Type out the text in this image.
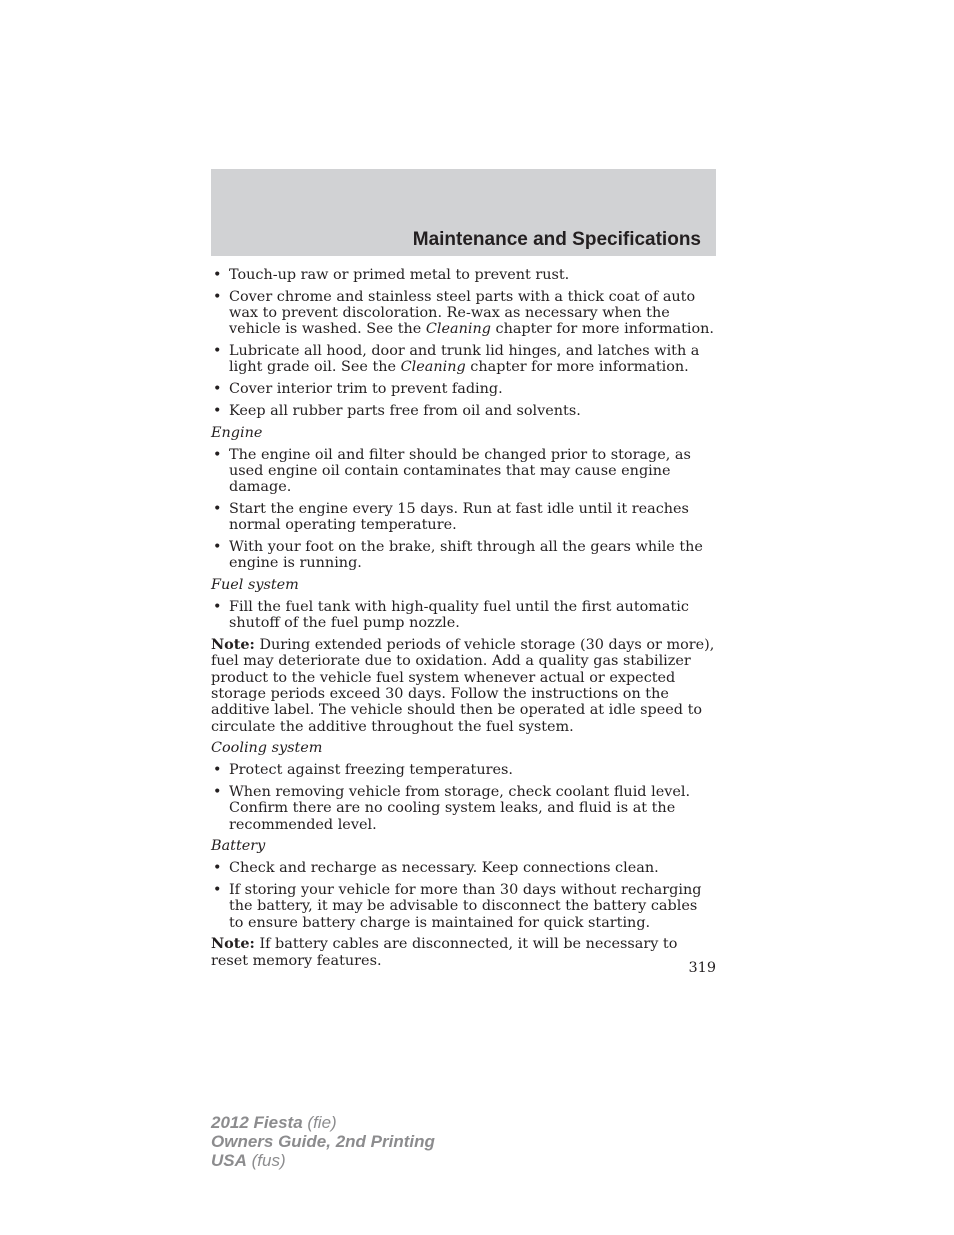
Maintenance and Specifications
• Touch-up raw or primed metal to prevent rust.
• Cover chrome and stainless steel parts with a thick coat of auto wax to prevent discoloration. Re-wax as necessary when the vehicle is washed. See the Cleaning chapter for more information.
• Lubricate all hood, door and trunk lid hinges, and latches with a light grade oil. See the Cleaning chapter for more information.
• Cover interior trim to prevent fading.
• Keep all rubber parts free from oil and solvents.
Engine
• The engine oil and filter should be changed prior to storage, as used engine oil contain contaminates that may cause engine damage.
• Start the engine every 15 days. Run at fast idle until it reaches normal operating temperature.
• With your foot on the brake, shift through all the gears while the engine is running.
Fuel system
• Fill the fuel tank with high-quality fuel until the first automatic shutoff of the fuel pump nozzle.
Note: During extended periods of vehicle storage (30 days or more), fuel may deteriorate due to oxidation. Add a quality gas stabilizer product to the vehicle fuel system whenever actual or expected storage periods exceed 30 days. Follow the instructions on the additive label. The vehicle should then be operated at idle speed to circulate the additive throughout the fuel system.
Cooling system
• Protect against freezing temperatures.
• When removing vehicle from storage, check coolant fluid level. Confirm there are no cooling system leaks, and fluid is at the recommended level.
Battery
• Check and recharge as necessary. Keep connections clean.
• If storing your vehicle for more than 30 days without recharging the battery, it may be advisable to disconnect the battery cables to ensure battery charge is maintained for quick starting.
Note: If battery cables are disconnected, it will be necessary to reset memory features.	319
2012 Fiesta (fie)
Owners Guide, 2nd Printing
USA (fus)
